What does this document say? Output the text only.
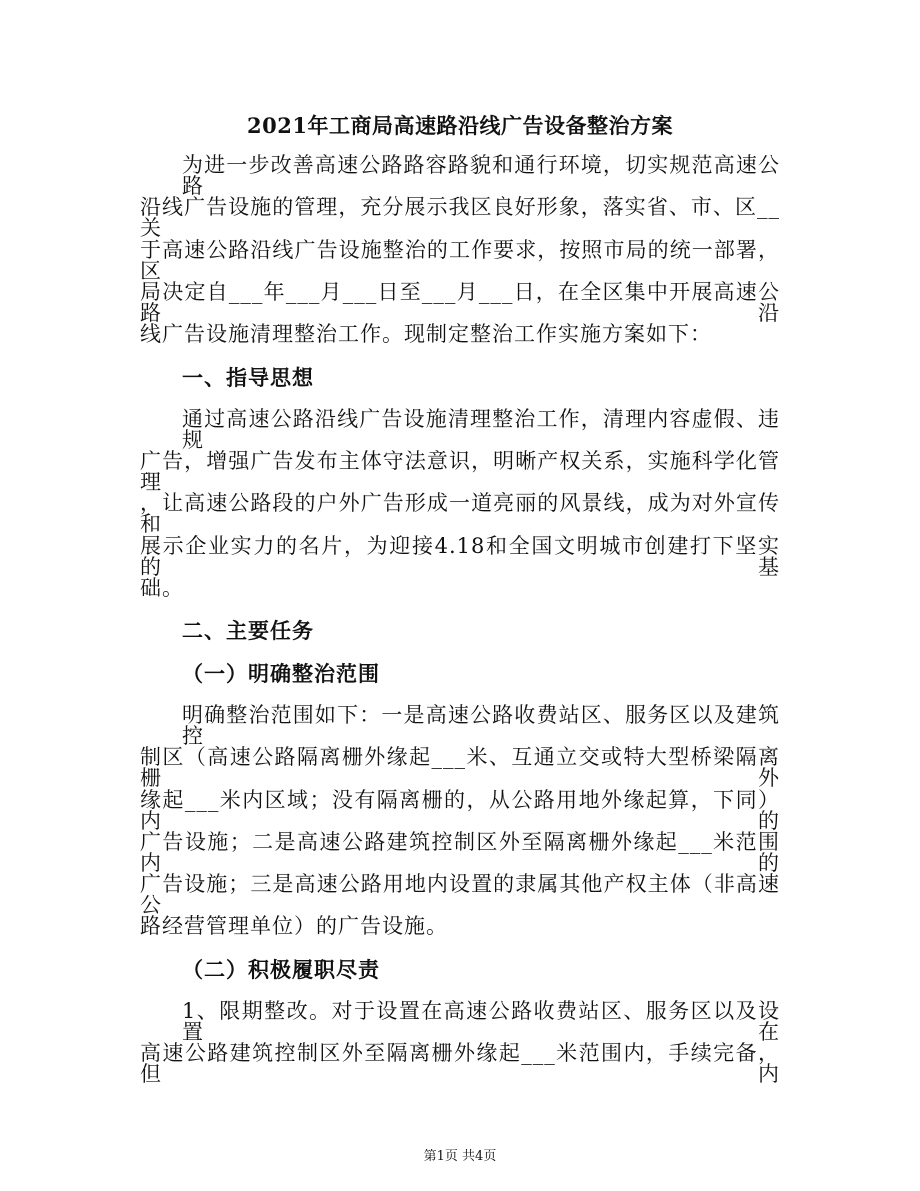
2021年工商局高速路沿线广告设备整治方案
为进一步改善高速公路路容路貌和通行环境，切实规范高速公路
沿线广告设施的管理，充分展示我区良好形象，落实省、市、区__关
于高速公路沿线广告设施整治的工作要求，按照市局的统一部署，区
局决定自___年___月___日至___月___日，在全区集中开展高速公路沿
线广告设施清理整治工作。现制定整治工作实施方案如下：
一、指导思想
通过高速公路沿线广告设施清理整治工作，清理内容虚假、违规
广告，增强广告发布主体守法意识，明晰产权关系，实施科学化管理
，让高速公路段的户外广告形成一道亮丽的风景线，成为对外宣传和
展示企业实力的名片，为迎接4.18和全国文明城市创建打下坚实的基
础。
二、主要任务
（一）明确整治范围
明确整治范围如下：一是高速公路收费站区、服务区以及建筑控
制区（高速公路隔离栅外缘起___米、互通立交或特大型桥梁隔离栅外
缘起___米内区域；没有隔离栅的，从公路用地外缘起算，下同）内的
广告设施；二是高速公路建筑控制区外至隔离栅外缘起___米范围内的
广告设施；三是高速公路用地内设置的隶属其他产权主体（非高速公
路经营管理单位）的广告设施。
（二）积极履职尽责
1、限期整改。对于设置在高速公路收费站区、服务区以及设置在
高速公路建筑控制区外至隔离栅外缘起___米范围内，手续完备，但内
第1页 共4页
